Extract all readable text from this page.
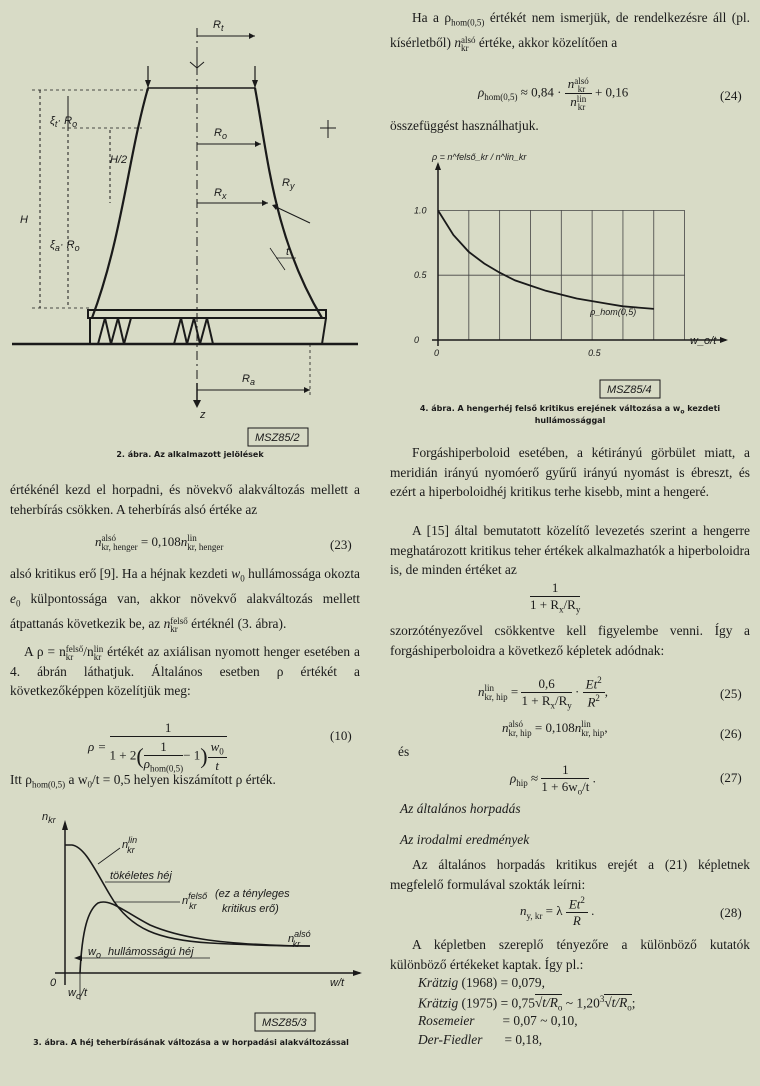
z
$R_t$
$R_o$
$R_x$
$R_y$
t
H
$\xi_t\cdot R_o$
H/2
$\xi_a\cdot R_o$
$R_a$
MSZ85/2
2. ábra. Az alkalmazott jelölések
értékénél kezd el horpadni, és növekvő alakváltozás mellett a teherbírás csökken. A teherbírás alsó értéke az
n alsó
kr, henger = 0,108n lin
kr, henger	(23)
alsó kritikus erő [9]. Ha a héjnak kezdeti $w_0$ hullámossága okozta $e_0$ külpontossága van, akkor növekvő alakváltozás mellett átpattanás következik be, az n felső
kr értéknél (3. ábra).
A ρ = n felső
kr /n lin
kr értékét az axiálisan nyomott henger esetében a 4. ábrán láthatjuk. Általános esetben ρ értékét a következőképpen közelítjük meg:
$\rho = \frac{1}{1 + 2( \frac{1}{\rho_{hom(0,5)}} - 1) \frac{w_0}{t}}$	(10)
Itt $\rho_{hom(0,5)}$ a $w_0/t = 0,5$ helyen kiszámított ρ érték.
$n_{kr}$
$n^{lin}$ kr
tökéletes héj
$n^{felső}$ kr
(ez a tényleges
kritikus erő)
$w_o$ hullámosságú héj
$n^{alsó}$ kr
0	w/t
$w_o/t$
MSZ85/3
3. ábra. A héj teherbírásának változása a w horpadási alakváltozással
Ha a $\rho_{hom(0,5)}$ értékét nem ismerjük, de rendelkezésre áll (pl. kísérletből) n alsó
kr értéke, akkor közelítően a
$\rho_{hom(0,5)} \approx 0,84 \cdot n$ alsó
kr
n lin
kr + 0,16	(24)
összefüggést használhatjuk.
0
0.5
1.0
0	0.5
ρ = n^felső_kr / n^lin_kr
w_o/t
ρ_hom(0,5)
MSZ85/4
4. ábra. A hengerhéj felső kritikus erejének változása a $w_o$ kezdeti hullámossággal
Forgáshiperboloid esetében, a kétirányú görbület miatt, a meridián irányú nyomóerő gyűrű irányú nyomást is ébreszt, és ezért a hiperboloidhéj kritikus terhe kisebb, mint a hengeré.
A [15] által bemutatott közelítő levezetés szerint a hengerre meghatározott kritikus teher értékek alkalmazhatók a hiperboloidra is, de minden értéket az
$\frac{1}{1 + R_x/R_y}$
szorzótényezővel csökkentve kell figyelembe venni. Így a forgáshiperboloidra a következő képletek adódnak:
n lin
kr, hip = $\frac{0,6}{1 + R_x/R_y} \cdot \frac{Et^2}{R^2}$ ,	(25)
n alsó
kr, hip = 0,108n lin
kr, hip ,	(26)
és
$\rho_{hip} \approx \frac{1}{1 + 6w_o/t}$ .	(27)
Az általános horpadás
Az irodalmi eredmények
Az általános horpadás kritikus erejét a (21) képletnek megfelelő formulával szokták leírni:
$n_{y, kr} = \lambda \frac{Et^2}{R}$ .	(28)
A képletben szereplő tényezőre a különböző kutatók különböző értékeket kaptak. Így pl.:
Krätzig (1968) = 0,079,
Krätzig $(1975) = 0,75√t/R_o$ ~ $1,20^3√t/R_o$;
Rosemeier = 0,07 ~ 0,10,
Der-Fiedler = 0,18,
